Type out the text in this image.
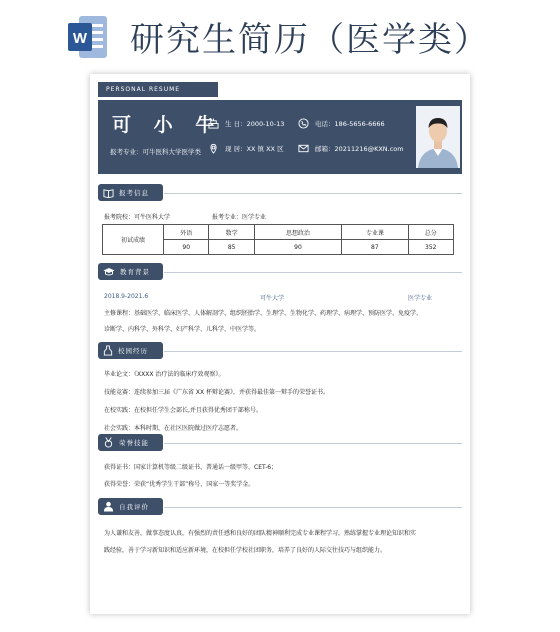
W 研究生简历（医学类）
PERSONAL RESUME
可 小 牛
报考专业：可牛医科大学医学类
生 日：2000-10-13	电话：186-5656-6666
现 居：XX 镇 XX 区	邮箱：20211216@KXN.com
报考信息
报考院校：可牛医科大学	报考专业：医学专业
初试成绩	外语	数学	思想政治	专业课	总分
	90	85	90	87	352
教育背景
2018.9-2021.6	可牛大学	医学专业
主修课程：基础医学、临床医学、人体解剖学、组织胚胎学、生理学、生物化学、药理学、病理学、预防医学、免疫学、
诊断学、内科学、外科学、妇产科学、儿科学、中医学等。
校园经历
毕业论文：《XXXX 治疗法的临床疗效观察》。
技能竞赛：连续参加三届《广东省 XX 杯辩论赛》，并获得最佳第一辩手的荣誉证书。
在校实践：在校担任学生会部长,并且获得优秀团干部称号。
社会实践：本科时期，在社区医院做过医疗志愿者。
荣誉技能
获得证书：国家计算机等级二级证书、普通话一级甲等、CET-6；
获得荣誉：荣获“优秀学生干部”称号、国家一等奖学金。
自我评价
为人谦和友善，做事态度认真，有强烈的责任感和良好的团队精神顺利完成专业课程学习，熟练掌握专业理论知识和实
践经验，善于学习新知识和适应新环境，在校担任学校社团职务，培养了良好的人际交往技巧与组织能力。
